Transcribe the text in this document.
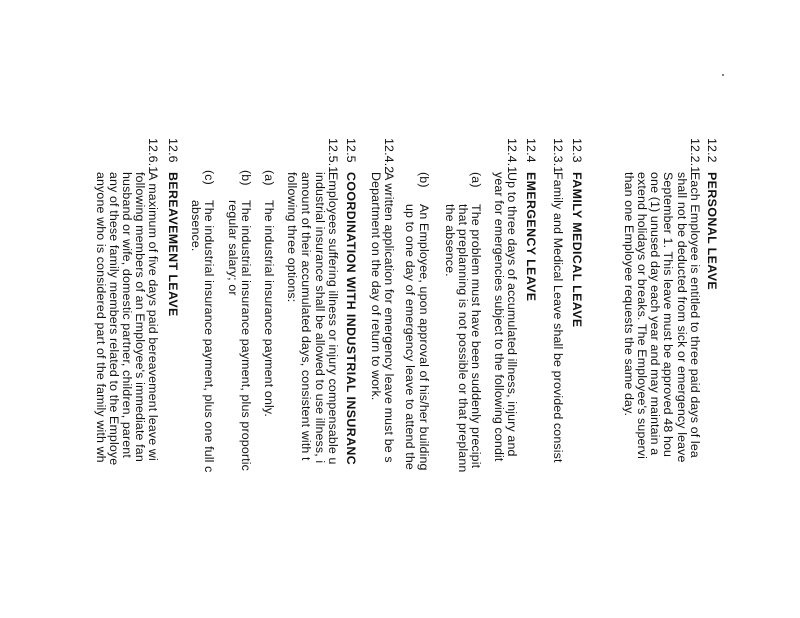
12.2
PERSONAL LEAVE
12.2.1
Each Employee is entitled to three paid days of lea
shall not be deducted from sick or emergency leave
September 1. This leave must be approved 48 hou
one (1) unused day each year and may maintain a
extend holidays or breaks. The Employee's supervi
than one Employee requests the same day.
12.3
FAMILY MEDICAL LEAVE
12.3.1
Family and Medical Leave shall be provided consist
12.4
EMERGENCY LEAVE
12.4.1
Up to three days of accumulated illness, injury and
year for emergencies subject to the following condit
(a)
The problem must have been suddenly precipit
that preplanning is not possible or that preplann
the absence.
(b)
An Employee, upon approval of his/her building
up to one day of emergency leave to attend the
12.4.2
A written application for emergency leave must be s
Department on the day of return to work.
12.5
COORDINATION WITH INDUSTRIAL INSURANC
12.5.1
Employees suffering illness or injury compensable u
industrial insurance shall be allowed to use illness, i
amount of their accumulated days, consistent with t
following three options:
(a)
The industrial insurance payment only.
(b)
The industrial insurance payment, plus proportic
regular salary; or
(c)
The industrial insurance payment, plus one full c
absence.
12.6
BEREAVEMENT LEAVE
12.6.1
A maximum of five days paid bereavement leave wi
following members of an Employee's immediate fan
husband or wife, domestic partner, children, parent
any of these family members related to the Employe
anyone who is considered part of the family with wh
